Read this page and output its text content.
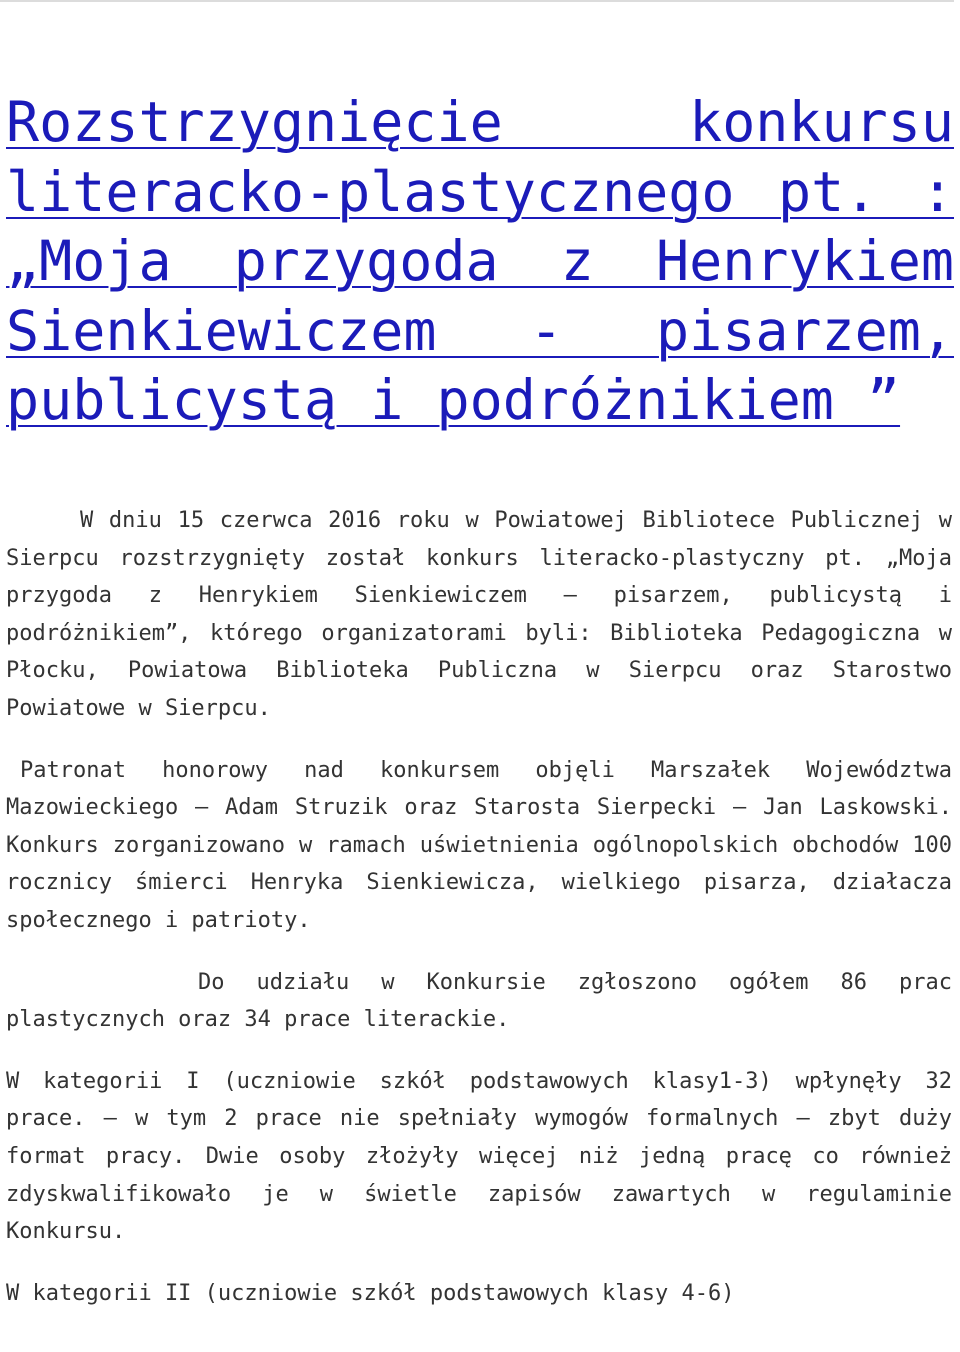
Rozstrzygnięcie konkursu literacko-plastycznego pt. : „Moja przygoda z Henrykiem Sienkiewiczem - pisarzem, publicystą i podróżnikiem ”

W dniu 15 czerwca 2016 roku w Powiatowej Bibliotece Publicznej w Sierpcu rozstrzygnięty został konkurs literacko-plastyczny pt. „Moja przygoda z Henrykiem Sienkiewiczem – pisarzem, publicystą i podróżnikiem”, którego organizatorami byli: Biblioteka Pedagogiczna w Płocku, Powiatowa Biblioteka Publiczna w Sierpcu oraz Starostwo Powiatowe w Sierpcu.

Patronat honorowy nad konkursem objęli Marszałek Województwa Mazowieckiego – Adam Struzik oraz Starosta Sierpecki – Jan Laskowski. Konkurs zorganizowano w ramach uświetnienia ogólnopolskich obchodów 100 rocznicy śmierci Henryka Sienkiewicza, wielkiego pisarza, działacza społecznego i patrioty.

Do udziału w Konkursie zgłoszono ogółem 86 prac plastycznych oraz 34 prace literackie.

W kategorii I (uczniowie szkół podstawowych klasy1-3) wpłynęły 32 prace. – w tym 2 prace nie spełniały wymogów formalnych – zbyt duży format pracy. Dwie osoby złożyły więcej niż jedną pracę co również zdyskwalifikowało je w świetle zapisów zawartych w regulaminie Konkursu.

W kategorii II (uczniowie szkół podstawowych klasy 4-6)
